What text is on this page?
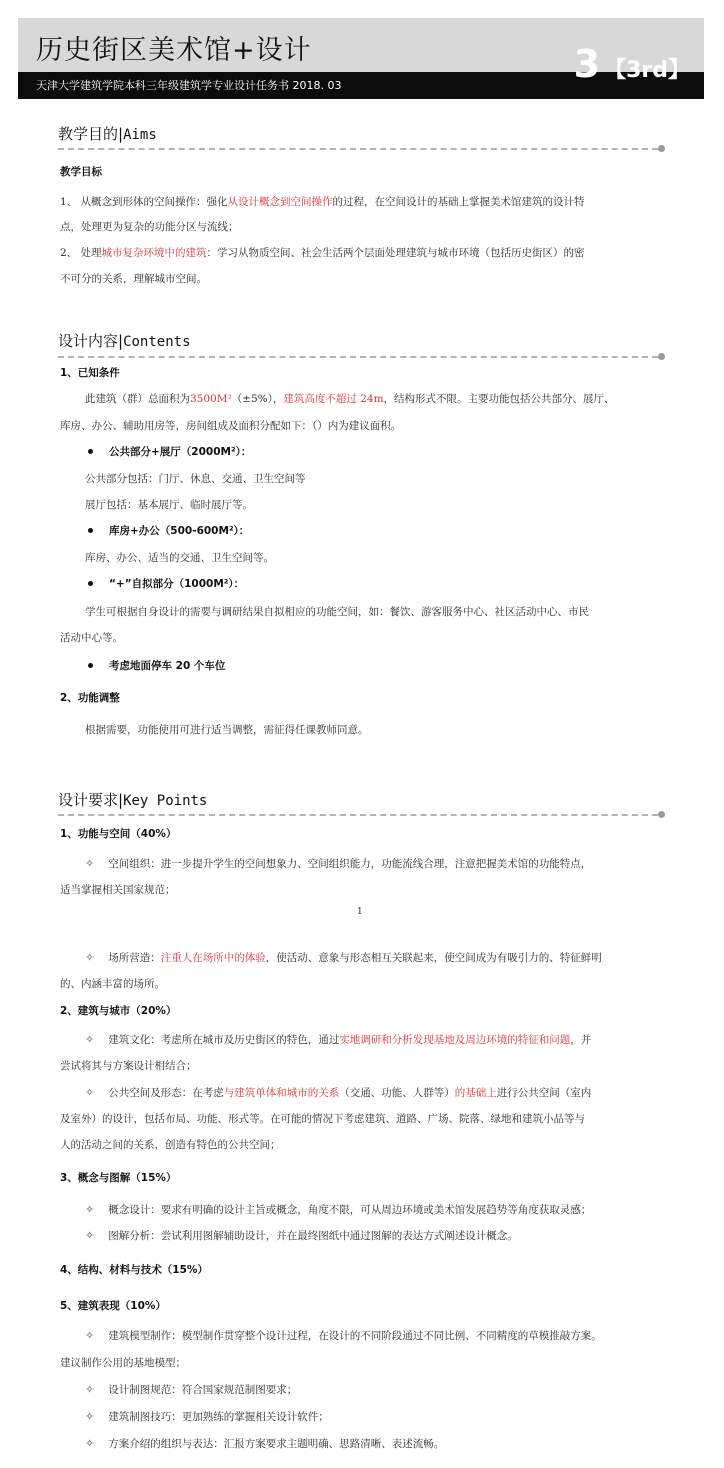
历史街区美术馆+设计
天津大学建筑学院本科三年级建筑学专业设计任务书 2018. 03	3 【3rd】
教学目的|Aims
教学目标
1、 从概念到形体的空间操作：强化从设计概念到空间操作的过程，在空间设计的基础上掌握美术馆建筑的设计特
点，处理更为复杂的功能分区与流线；
2、 处理城市复杂环境中的建筑：学习从物质空间、社会生活两个层面处理建筑与城市环境（包括历史街区）的密
不可分的关系，理解城市空间。
设计内容|Contents
1、已知条件
此建筑（群）总面积为3500M²（±5%），建筑高度不超过 24m，结构形式不限。主要功能包括公共部分、展厅、
库房、办公、辅助用房等，房间组成及面积分配如下：（）内为建议面积。
公共部分+展厅（2000M²）：
公共部分包括：门厅、休息、交通、卫生空间等
展厅包括：基本展厅、临时展厅等。
库房+办公（500-600M²）：
库房、办公、适当的交通、卫生空间等。
“+”自拟部分（1000M²）：
学生可根据自身设计的需要与调研结果自拟相应的功能空间，如：餐饮、游客服务中心、社区活动中心、市民
活动中心等。
考虑地面停车 20 个车位
2、功能调整
根据需要，功能使用可进行适当调整，需征得任课教师同意。
设计要求|Key Points
1、功能与空间（40%）
✧ 空间组织：进一步提升学生的空间想象力、空间组织能力，功能流线合理，注意把握美术馆的功能特点，
适当掌握相关国家规范；
1
✧ 场所营造：注重人在场所中的体验，使活动、意象与形态相互关联起来，使空间成为有吸引力的、特征鲜明
的、内涵丰富的场所。
2、建筑与城市（20%）
✧ 建筑文化：考虑所在城市及历史街区的特色，通过实地调研和分析发现基地及周边环境的特征和问题，并
尝试将其与方案设计相结合；
✧ 公共空间及形态：在考虑与建筑单体和城市的关系（交通、功能、人群等）的基础上进行公共空间（室内
及室外）的设计，包括布局、功能、形式等。在可能的情况下考虑建筑、道路、广场、院落、绿地和建筑小品等与
人的活动之间的关系，创造有特色的公共空间；
3、概念与图解（15%）
✧ 概念设计：要求有明确的设计主旨或概念，角度不限，可从周边环境或美术馆发展趋势等角度获取灵感；
✧ 图解分析：尝试利用图解辅助设计，并在最终图纸中通过图解的表达方式阐述设计概念。
4、结构、材料与技术（15%）
5、建筑表现（10%）
✧ 建筑模型制作：模型制作贯穿整个设计过程，在设计的不同阶段通过不同比例、不同精度的草模推敲方案。
建议制作公用的基地模型；
✧ 设计制图规范：符合国家规范制图要求；
✧ 建筑制图技巧：更加熟练的掌握相关设计软件；
✧ 方案介绍的组织与表达：汇报方案要求主题明确、思路清晰、表述流畅。
